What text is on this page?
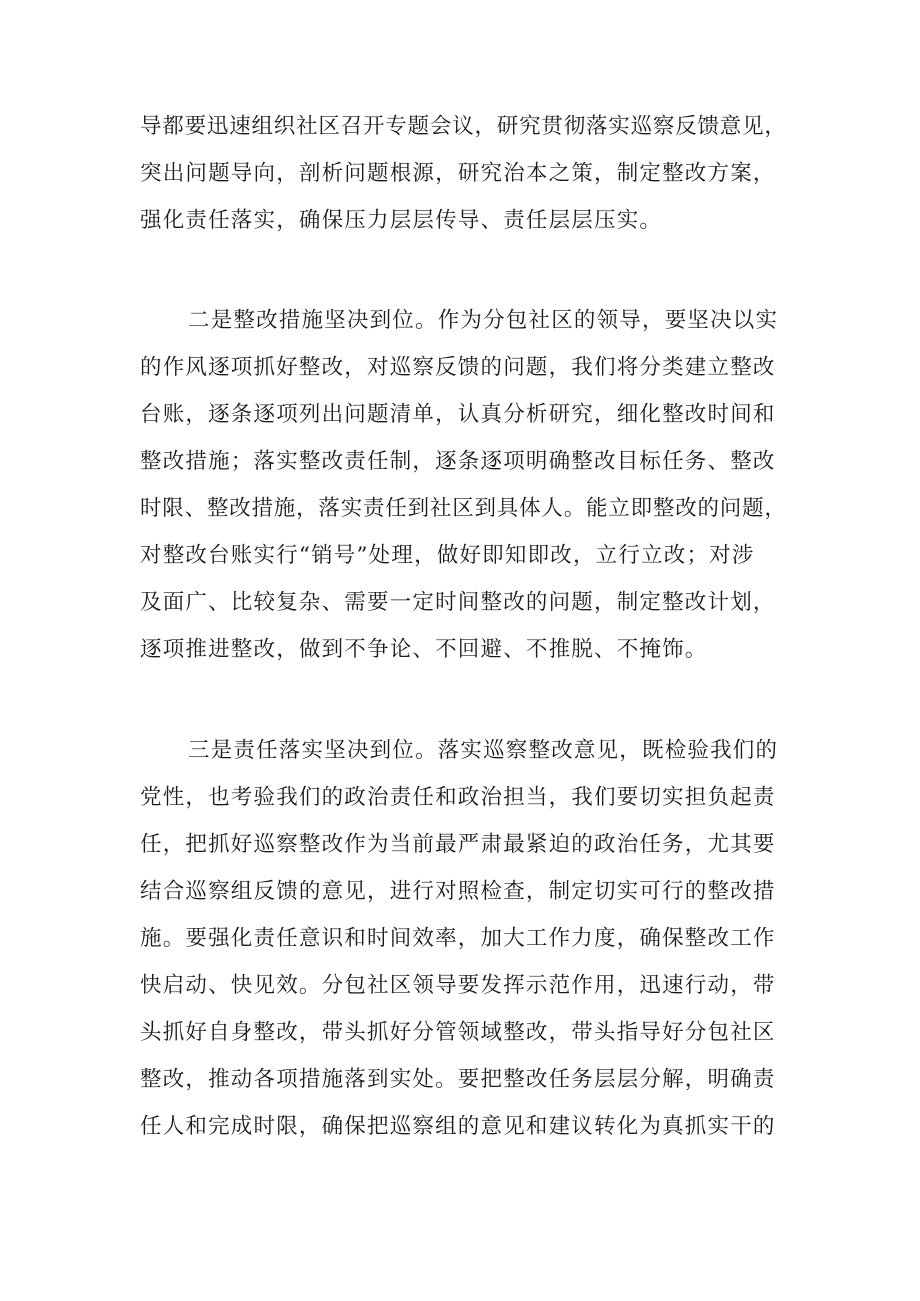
导都要迅速组织社区召开专题会议，研究贯彻落实巡察反馈意见，
突出问题导向，剖析问题根源，研究治本之策，制定整改方案，
强化责任落实，确保压力层层传导、责任层层压实。
二是整改措施坚决到位。作为分包社区的领导，要坚决以实
的作风逐项抓好整改，对巡察反馈的问题，我们将分类建立整改
台账，逐条逐项列出问题清单，认真分析研究，细化整改时间和
整改措施；落实整改责任制，逐条逐项明确整改目标任务、整改
时限、整改措施，落实责任到社区到具体人。能立即整改的问题，
对整改台账实行“销号”处理，做好即知即改，立行立改；对涉
及面广、比较复杂、需要一定时间整改的问题，制定整改计划，
逐项推进整改，做到不争论、不回避、不推脱、不掩饰。
三是责任落实坚决到位。落实巡察整改意见，既检验我们的
党性，也考验我们的政治责任和政治担当，我们要切实担负起责
任，把抓好巡察整改作为当前最严肃最紧迫的政治任务，尤其要
结合巡察组反馈的意见，进行对照检查，制定切实可行的整改措
施。要强化责任意识和时间效率，加大工作力度，确保整改工作
快启动、快见效。分包社区领导要发挥示范作用，迅速行动，带
头抓好自身整改，带头抓好分管领域整改，带头指导好分包社区
整改，推动各项措施落到实处。要把整改任务层层分解，明确责
任人和完成时限，确保把巡察组的意见和建议转化为真抓实干的
